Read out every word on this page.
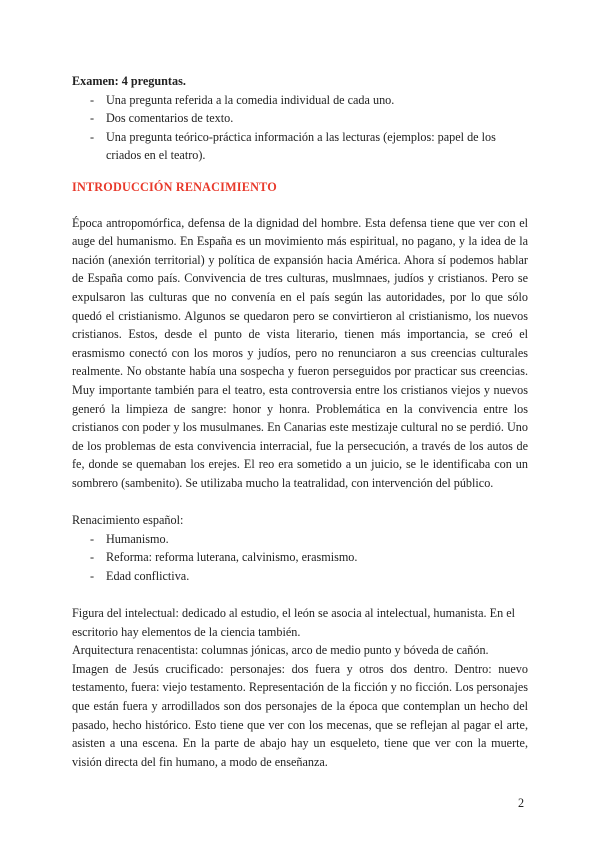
Examen: 4 preguntas.

- Una pregunta referida a la comedia individual de cada uno.
- Dos comentarios de texto.
- Una pregunta teórico-práctica información a las lecturas (ejemplos: papel de los criados en el teatro).

INTRODUCCIÓN RENACIMIENTO

Época antropomórfica, defensa de la dignidad del hombre. Esta defensa tiene que ver con el auge del humanismo. En España es un movimiento más espiritual, no pagano, y la idea de la nación (anexión territorial) y política de expansión hacia América. Ahora sí podemos hablar de España como país. Convivencia de tres culturas, muslmnaes, judíos y cristianos. Pero se expulsaron las culturas que no convenía en el país según las autoridades, por lo que sólo quedó el cristianismo. Algunos se quedaron pero se convirtieron al cristianismo, los nuevos cristianos. Estos, desde el punto de vista literario, tienen más importancia, se creó el erasmismo conectó con los moros y judíos, pero no renunciaron a sus creencias culturales realmente. No obstante había una sospecha y fueron perseguidos por practicar sus creencias. Muy importante también para el teatro, esta controversia entre los cristianos viejos y nuevos generó la limpieza de sangre: honor y honra. Problemática en la convivencia entre los cristianos con poder y los musulmanes. En Canarias este mestizaje cultural no se perdió. Uno de los problemas de esta convivencia interracial, fue la persecución, a través de los autos de fe, donde se quemaban los erejes. El reo era sometido a un juicio, se le identificaba con un sombrero (sambenito). Se utilizaba mucho la teatralidad, con intervención del público.

Renacimiento español:

- Humanismo.
- Reforma: reforma luterana, calvinismo, erasmismo.
- Edad conflictiva.

Figura del intelectual: dedicado al estudio, el león se asocia al intelectual, humanista. En el escritorio hay elementos de la ciencia también.

Arquitectura renacentista: columnas jónicas, arco de medio punto y bóveda de cañón.

Imagen de Jesús crucificado: personajes: dos fuera y otros dos dentro. Dentro: nuevo testamento, fuera: viejo testamento. Representación de la ficción y no ficción. Los personajes que están fuera y arrodillados son dos personajes de la época que contemplan un hecho del pasado, hecho histórico. Esto tiene que ver con los mecenas, que se reflejan al pagar el arte, asisten a una escena. En la parte de abajo hay un esqueleto, tiene que ver con la muerte, visión directa del fin humano, a modo de enseñanza.

2
